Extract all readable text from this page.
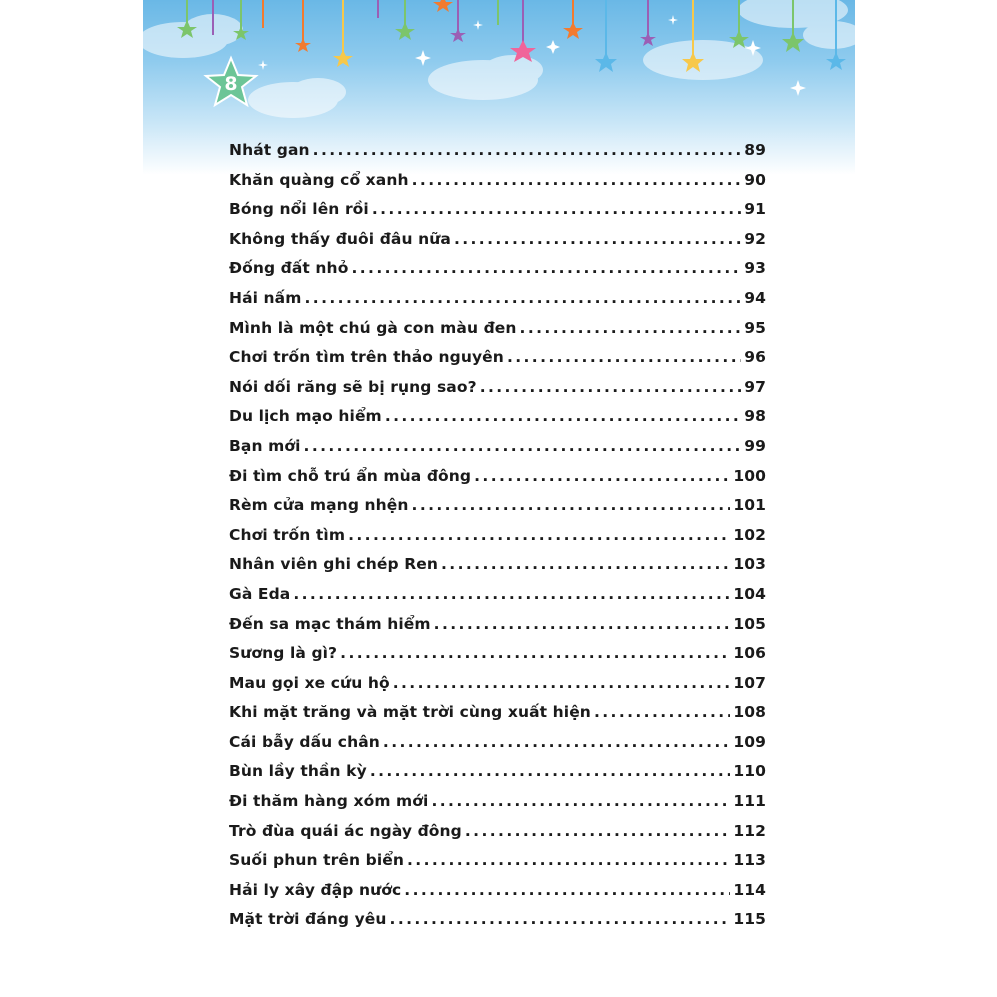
8
Nhát gan .....	89
Khăn quàng cổ xanh .....	90
Bóng nổi lên rồi .....	91
Không thấy đuôi đâu nữa .....	92
Đống đất nhỏ .....	93
Hái nấm .....	94
Mình là một chú gà con màu đen .....	95
Chơi trốn tìm trên thảo nguyên .....	96
Nói dối răng sẽ bị rụng sao? .....	97
Du lịch mạo hiểm .....	98
Bạn mới .....	99
Đi tìm chỗ trú ẩn mùa đông .....	100
Rèm cửa mạng nhện .....	101
Chơi trốn tìm .....	102
Nhân viên ghi chép Ren .....	103
Gà Eda .....	104
Đến sa mạc thám hiểm .....	105
Sương là gì? .....	106
Mau gọi xe cứu hộ .....	107
Khi mặt trăng và mặt trời cùng xuất hiện .....	108
Cái bẫy dấu chân .....	109
Bùn lầy thần kỳ .....	110
Đi thăm hàng xóm mới .....	111
Trò đùa quái ác ngày đông .....	112
Suối phun trên biển .....	113
Hải ly xây đập nước .....	114
Mặt trời đáng yêu .....	115
